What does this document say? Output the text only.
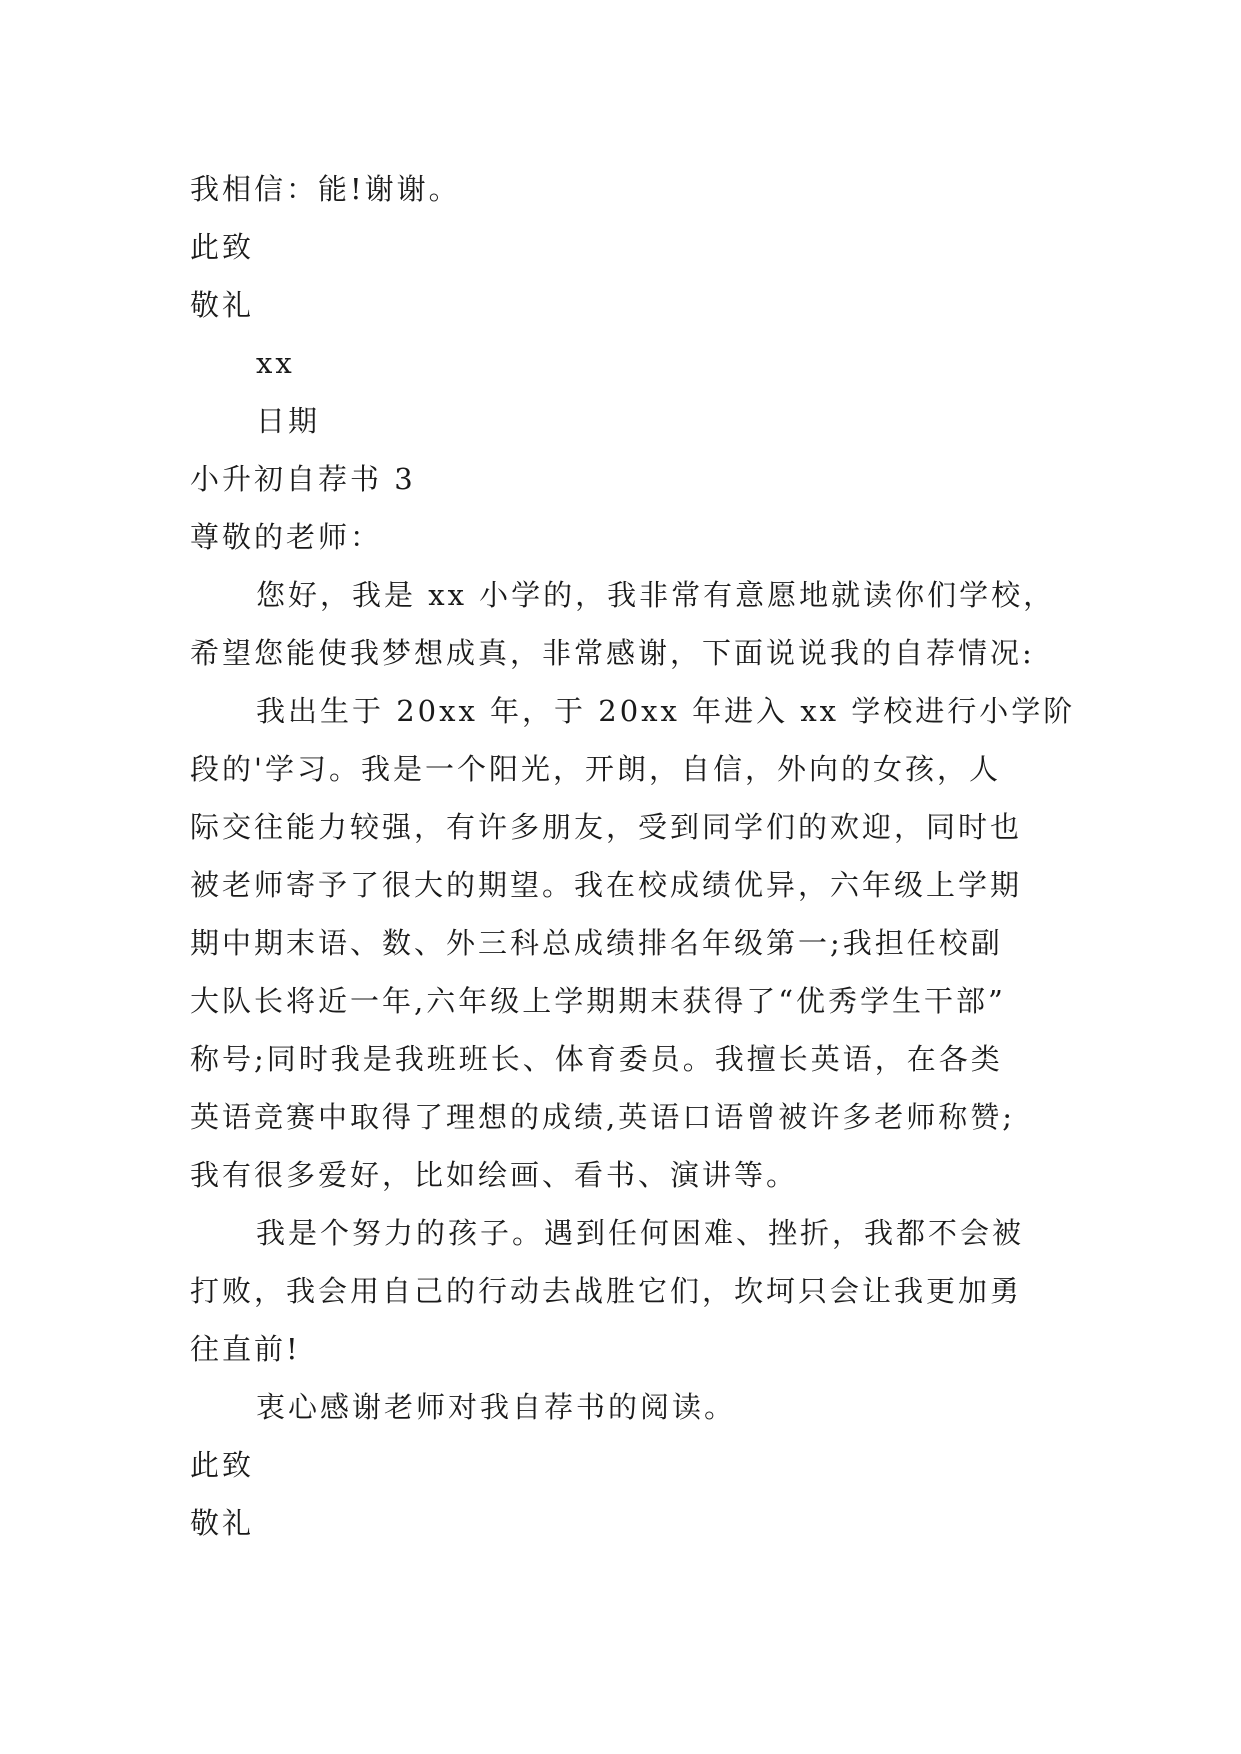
我相信：能!谢谢。
此致
敬礼
xx
日期
小升初自荐书 3
尊敬的老师：
您好，我是 xx 小学的，我非常有意愿地就读你们学校，
希望您能使我梦想成真，非常感谢，下面说说我的自荐情况:
我出生于 20xx 年，于 20xx 年进入 xx 学校进行小学阶
段的'学习。我是一个阳光，开朗，自信，外向的女孩，人
际交往能力较强，有许多朋友，受到同学们的欢迎，同时也
被老师寄予了很大的期望。我在校成绩优异，六年级上学期
期中期末语、数、外三科总成绩排名年级第一;我担任校副
大队长将近一年,六年级上学期期末获得了“优秀学生干部”
称号;同时我是我班班长、体育委员。我擅长英语，在各类
英语竞赛中取得了理想的成绩,英语口语曾被许多老师称赞;
我有很多爱好，比如绘画、看书、演讲等。
我是个努力的孩子。遇到任何困难、挫折，我都不会被
打败，我会用自己的行动去战胜它们，坎坷只会让我更加勇
往直前!
衷心感谢老师对我自荐书的阅读。
此致
敬礼
